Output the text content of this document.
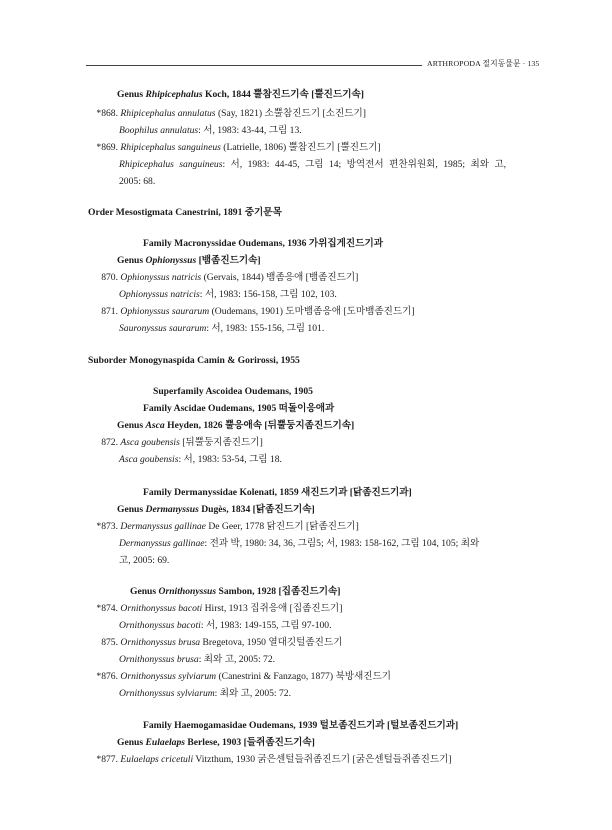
ARTHROPODA 절지동물문 · 135
Genus Rhipicephalus Koch, 1844 뿔참진드기속 [뿔진드기속]
*868. Rhipicephalus annulatus (Say, 1821) 소뿔참진드기 [소진드기]
Boophilus annulatus: 서, 1983: 43-44, 그림 13.
*869. Rhipicephalus sanguineus (Latrielle, 1806) 뿔참진드기 [뿔진드기]
Rhipicephalus sanguineus: 서, 1983: 44-45, 그림 14; 방역전서 편찬위원회, 1985; 최와 고,
2005: 68.
Order Mesostigmata Canestrini, 1891 중기문목
Family Macronyssidae Oudemans, 1936 가위집게진드기과
Genus Ophionyssus [뱀좀진드기속]
870. Ophionyssus natricis (Gervais, 1844) 뱀좀응애 [뱀좀진드기]
Ophionyssus natricis: 서, 1983: 156-158, 그림 102, 103.
871. Ophionyssus saurarum (Oudemans, 1901) 도마뱀좀응애 [도마뱀좀진드기]
Sauronyssus saurarum: 서, 1983: 155-156, 그림 101.
Suborder Monogynaspida Camin & Gorirossi, 1955
Superfamily Ascoidea Oudemans, 1905
Family Ascidae Oudemans, 1905 떠돌이응애과
Genus Asca Heyden, 1826 뿔응애속 [뒤뿔둥지좀진드기속]
872. Asca goubensis [뒤뿔둥지좀진드기]
Asca goubensis: 서, 1983: 53-54, 그림 18.
Family Dermanyssidae Kolenati, 1859 새진드기과 [닭좀진드기과]
Genus Dermanyssus Dugès, 1834 [닭좀진드기속]
*873. Dermanyssus gallinae De Geer, 1778 닭진드기 [닭좀진드기]
Dermanyssus gallinae: 전과 박, 1980: 34, 36, 그림5; 서, 1983: 158-162, 그림 104, 105; 최와
고, 2005: 69.
Genus Ornithonyssus Sambon, 1928 [집좀진드기속]
*874. Ornithonyssus bacoti Hirst, 1913 집쥐응애 [집좀진드기]
Ornithonyssus bacoti: 서, 1983: 149-155, 그림 97-100.
875. Ornithonyssus brusa Bregetova, 1950 열대깃털좀진드기
Ornithonyssus brusa: 최와 고, 2005: 72.
*876. Ornithonyssus sylviarum (Canestrini & Fanzago, 1877) 북방새진드기
Ornithonyssus sylviarum: 최와 고, 2005: 72.
Family Haemogamasidae Oudemans, 1939 털보좀진드기과 [털보좀진드기과]
Genus Eulaelaps Berlese, 1903 [들쥐좀진드기속]
*877. Eulaelaps cricetuli Vitzthum, 1930 굵은센털들쥐좀진드기 [굵은센털들쥐좀진드기]
